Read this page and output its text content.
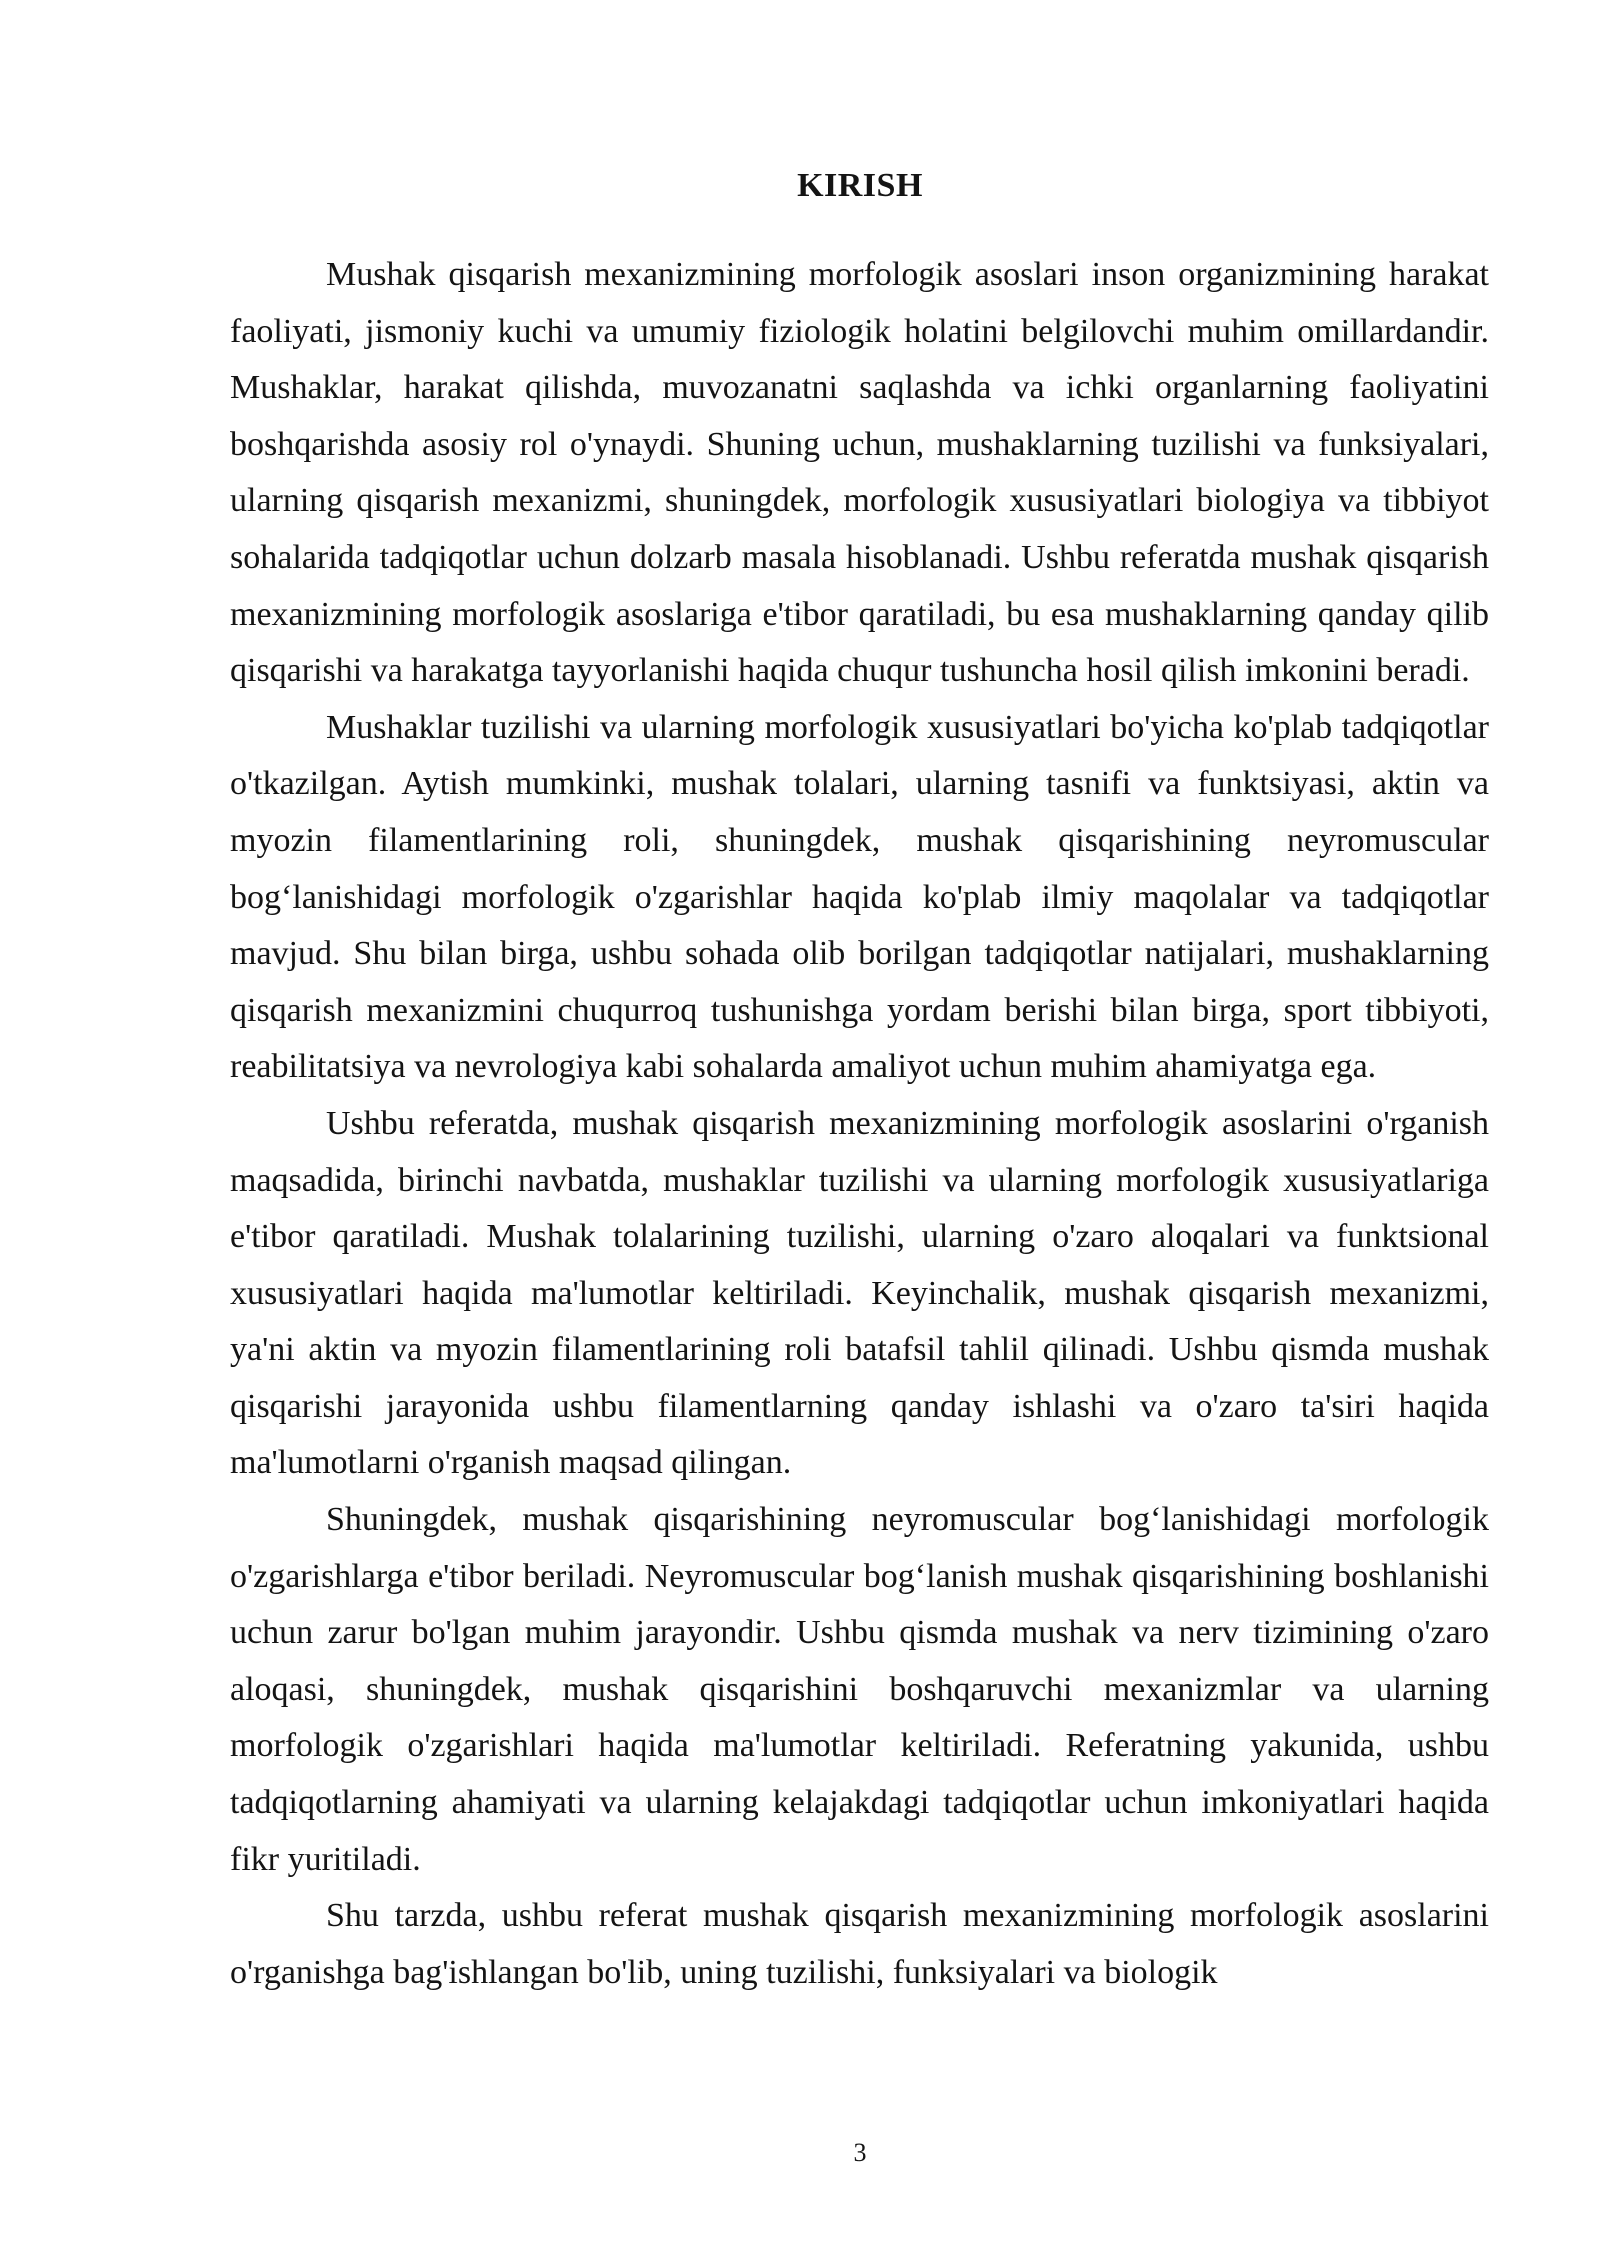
KIRISH

Mushak qisqarish mexanizmining morfologik asoslari inson organizmining harakat faoliyati, jismoniy kuchi va umumiy fiziologik holatini belgilovchi muhim omillardandir. Mushaklar, harakat qilishda, muvozanatni saqlashda va ichki organlarning faoliyatini boshqarishda asosiy rol o'ynaydi. Shuning uchun, mushaklarning tuzilishi va funksiyalari, ularning qisqarish mexanizmi, shuningdek, morfologik xususiyatlari biologiya va tibbiyot sohalarida tadqiqotlar uchun dolzarb masala hisoblanadi. Ushbu referatda mushak qisqarish mexanizmining morfologik asoslariga e'tibor qaratiladi, bu esa mushaklarning qanday qilib qisqarishi va harakatga tayyorlanishi haqida chuqur tushuncha hosil qilish imkonini beradi.

Mushaklar tuzilishi va ularning morfologik xususiyatlari bo'yicha ko'plab tadqiqotlar o'tkazilgan. Aytish mumkinki, mushak tolalari, ularning tasnifi va funktsiyasi, aktin va myozin filamentlarining roli, shuningdek, mushak qisqarishining neyromuscular bog‘lanishidagi morfologik o'zgarishlar haqida ko'plab ilmiy maqolalar va tadqiqotlar mavjud. Shu bilan birga, ushbu sohada olib borilgan tadqiqotlar natijalari, mushaklarning qisqarish mexanizmini chuqurroq tushunishga yordam berishi bilan birga, sport tibbiyoti, reabilitatsiya va nevrologiya kabi sohalarda amaliyot uchun muhim ahamiyatga ega.

Ushbu referatda, mushak qisqarish mexanizmining morfologik asoslarini o'rganish maqsadida, birinchi navbatda, mushaklar tuzilishi va ularning morfologik xususiyatlariga e'tibor qaratiladi. Mushak tolalarining tuzilishi, ularning o'zaro aloqalari va funktsional xususiyatlari haqida ma'lumotlar keltiriladi. Keyinchalik, mushak qisqarish mexanizmi, ya'ni aktin va myozin filamentlarining roli batafsil tahlil qilinadi. Ushbu qismda mushak qisqarishi jarayonida ushbu filamentlarning qanday ishlashi va o'zaro ta'siri haqida ma'lumotlarni o'rganish maqsad qilingan.

Shuningdek, mushak qisqarishining neyromuscular bog‘lanishidagi morfologik o'zgarishlarga e'tibor beriladi. Neyromuscular bog‘lanish mushak qisqarishining boshlanishi uchun zarur bo'lgan muhim jarayondir. Ushbu qismda mushak va nerv tizimining o'zaro aloqasi, shuningdek, mushak qisqarishini boshqaruvchi mexanizmlar va ularning morfologik o'zgarishlari haqida ma'lumotlar keltiriladi. Referatning yakunida, ushbu tadqiqotlarning ahamiyati va ularning kelajakdagi tadqiqotlar uchun imkoniyatlari haqida fikr yuritiladi.

Shu tarzda, ushbu referat mushak qisqarish mexanizmining morfologik asoslarini o'rganishga bag'ishlangan bo'lib, uning tuzilishi, funksiyalari va biologik

3
